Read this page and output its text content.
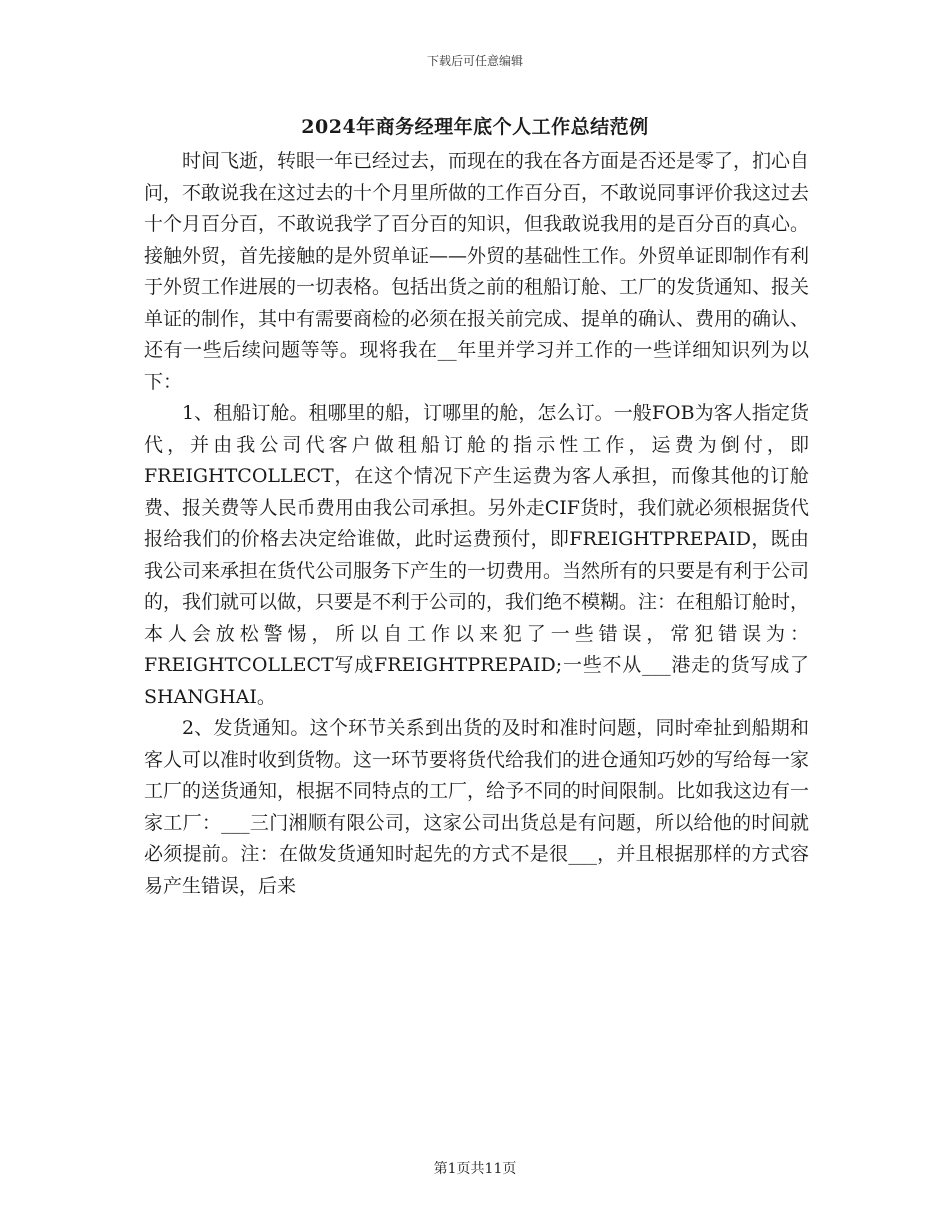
下载后可任意编辑
2024年商务经理年底个人工作总结范例

时间飞逝，转眼一年已经过去，而现在的我在各方面是否还是零了，扪心自问，不敢说我在这过去的十个月里所做的工作百分百，不敢说同事评价我这过去十个月百分百，不敢说我学了百分百的知识，但我敢说我用的是百分百的真心。接触外贸，首先接触的是外贸单证——外贸的基础性工作。外贸单证即制作有利于外贸工作进展的一切表格。包括出货之前的租船订舱、工厂的发货通知、报关单证的制作，其中有需要商检的必须在报关前完成、提单的确认、费用的确认、还有一些后续问题等等。现将我在__年里并学习并工作的一些详细知识列为以下：

1、租船订舱。租哪里的船，订哪里的舱，怎么订。一般FOB为客人指定货代，并由我公司代客户做租船订舱的指示性工作，运费为倒付，即FREIGHTCOLLECT，在这个情况下产生运费为客人承担，而像其他的订舱费、报关费等人民币费用由我公司承担。另外走CIF货时，我们就必须根据货代报给我们的价格去决定给谁做，此时运费预付，即FREIGHTPREPAID，既由我公司来承担在货代公司服务下产生的一切费用。当然所有的只要是有利于公司的，我们就可以做，只要是不利于公司的，我们绝不模糊。注：在租船订舱时，本人会放松警惕，所以自工作以来犯了一些错误，常犯错误为：FREIGHTCOLLECT写成FREIGHTPREPAID;一些不从___港走的货写成了SHANGHAI。

2、发货通知。这个环节关系到出货的及时和准时问题，同时牵扯到船期和客人可以准时收到货物。这一环节要将货代给我们的进仓通知巧妙的写给每一家工厂的送货通知，根据不同特点的工厂，给予不同的时间限制。比如我这边有一家工厂：___三门湘顺有限公司，这家公司出货总是有问题，所以给他的时间就必须提前。注：在做发货通知时起先的方式不是很___，并且根据那样的方式容易产生错误，后来

第1页共11页
